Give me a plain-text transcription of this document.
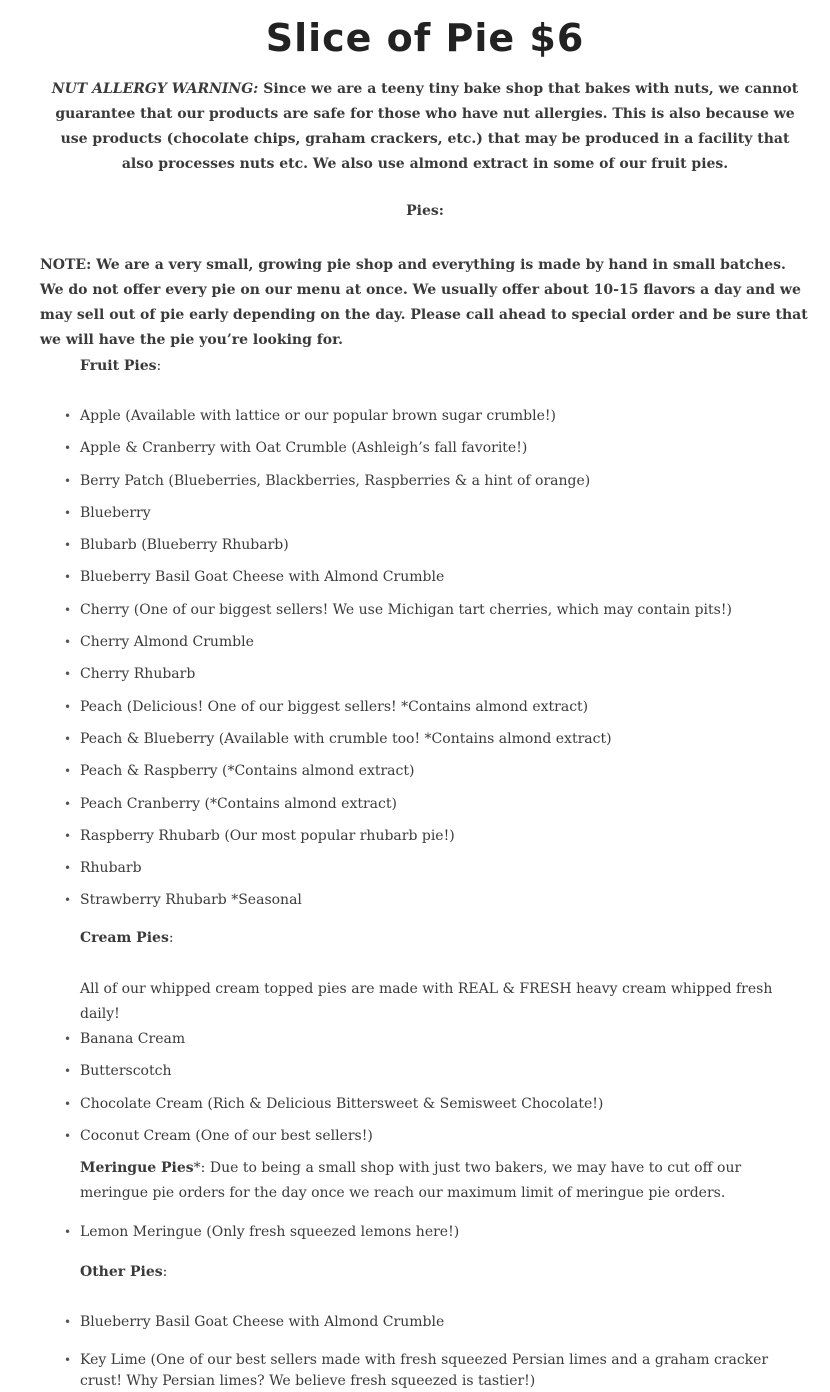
Slice of Pie $6

NUT ALLERGY WARNING: Since we are a teeny tiny bake shop that bakes with nuts, we cannot guarantee that our products are safe for those who have nut allergies. This is also because we use products (chocolate chips, graham crackers, etc.) that may be produced in a facility that also processes nuts etc. We also use almond extract in some of our fruit pies.

Pies:

NOTE: We are a very small, growing pie shop and everything is made by hand in small batches. We do not offer every pie on our menu at once. We usually offer about 10-15 flavors a day and we may sell out of pie early depending on the day. Please call ahead to special order and be sure that we will have the pie you’re looking for.

Fruit Pies:

• Apple (Available with lattice or our popular brown sugar crumble!)
• Apple & Cranberry with Oat Crumble (Ashleigh’s fall favorite!)
• Berry Patch (Blueberries, Blackberries, Raspberries & a hint of orange)
• Blueberry
• Blubarb (Blueberry Rhubarb)
• Blueberry Basil Goat Cheese with Almond Crumble
• Cherry (One of our biggest sellers! We use Michigan tart cherries, which may contain pits!)
• Cherry Almond Crumble
• Cherry Rhubarb
• Peach (Delicious! One of our biggest sellers! *Contains almond extract)
• Peach & Blueberry (Available with crumble too! *Contains almond extract)
• Peach & Raspberry (*Contains almond extract)
• Peach Cranberry (*Contains almond extract)
• Raspberry Rhubarb (Our most popular rhubarb pie!)
• Rhubarb
• Strawberry Rhubarb *Seasonal

Cream Pies:

All of our whipped cream topped pies are made with REAL & FRESH heavy cream whipped fresh daily!

• Banana Cream
• Butterscotch
• Chocolate Cream (Rich & Delicious Bittersweet & Semisweet Chocolate!)
• Coconut Cream (One of our best sellers!)

Meringue Pies*: Due to being a small shop with just two bakers, we may have to cut off our meringue pie orders for the day once we reach our maximum limit of meringue pie orders.

• Lemon Meringue (Only fresh squeezed lemons here!)

Other Pies:

• Blueberry Basil Goat Cheese with Almond Crumble

• Key Lime (One of our best sellers made with fresh squeezed Persian limes and a graham cracker crust! Why Persian limes? We believe fresh squeezed is tastier!)
